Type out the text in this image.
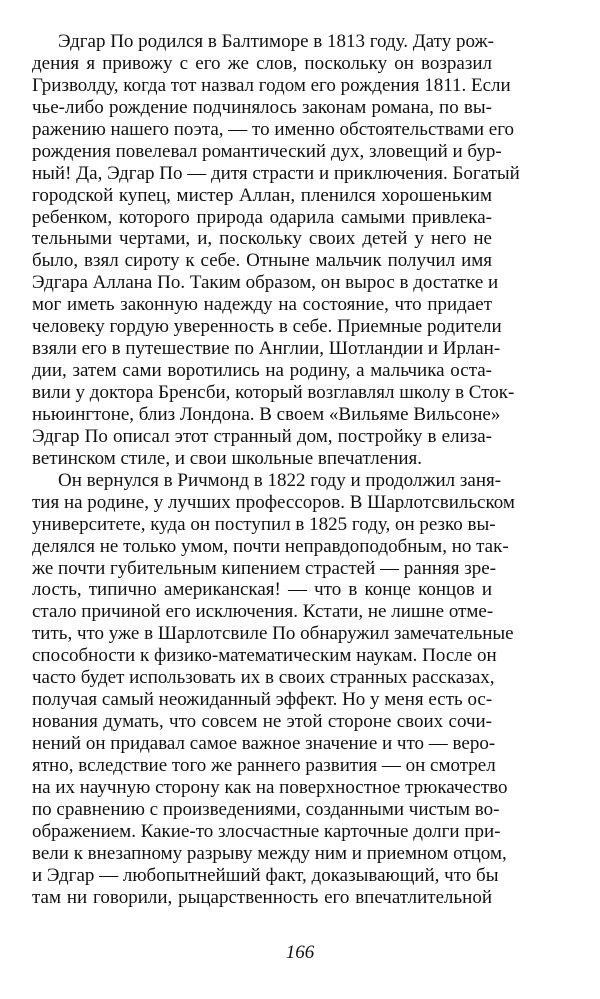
Эдгар По родился в Балтиморе в 1813 году. Дату рож-
дения я привожу с его же слов, поскольку он возразил
Гризволду, когда тот назвал годом его рождения 1811. Если
чье-либо рождение подчинялось законам романа, по вы-
ражению нашего поэта, — то именно обстоятельствами его
рождения повелевал романтический дух, зловещий и бур-
ный! Да, Эдгар По — дитя страсти и приключения. Богатый
городской купец, мистер Аллан, пленился хорошеньким
ребенком, которого природа одарила самыми привлека-
тельными чертами, и, поскольку своих детей у него не
было, взял сироту к себе. Отныне мальчик получил имя
Эдгара Аллана По. Таким образом, он вырос в достатке и
мог иметь законную надежду на состояние, что придает
человеку гордую уверенность в себе. Приемные родители
взяли его в путешествие по Англии, Шотландии и Ирлан-
дии, затем сами воротились на родину, а мальчика оста-
вили у доктора Бренсби, который возглавлял школу в Сток-
ньюингтоне, близ Лондона. В своем «Вильяме Вильсоне»
Эдгар По описал этот странный дом, постройку в елиза-
ветинском стиле, и свои школьные впечатления.
Он вернулся в Ричмонд в 1822 году и продолжил заня-
тия на родине, у лучших профессоров. В Шарлотсвильском
университете, куда он поступил в 1825 году, он резко вы-
делялся не только умом, почти неправдоподобным, но так-
же почти губительным кипением страстей — ранняя зре-
лость, типично американская! — что в конце концов и
стало причиной его исключения. Кстати, не лишне отме-
тить, что уже в Шарлотсвиле По обнаружил замечательные
способности к физико-математическим наукам. После он
часто будет использовать их в своих странных рассказах,
получая самый неожиданный эффект. Но у меня есть ос-
нования думать, что совсем не этой стороне своих сочи-
нений он придавал самое важное значение и что — веро-
ятно, вследствие того же раннего развития — он смотрел
на их научную сторону как на поверхностное трюкачество
по сравнению с произведениями, созданными чистым во-
ображением. Какие-то злосчастные карточные долги при-
вели к внезапному разрыву между ним и приемном отцом,
и Эдгар — любопытнейший факт, доказывающий, что бы
там ни говорили, рыцарственность его впечатлительной
166
